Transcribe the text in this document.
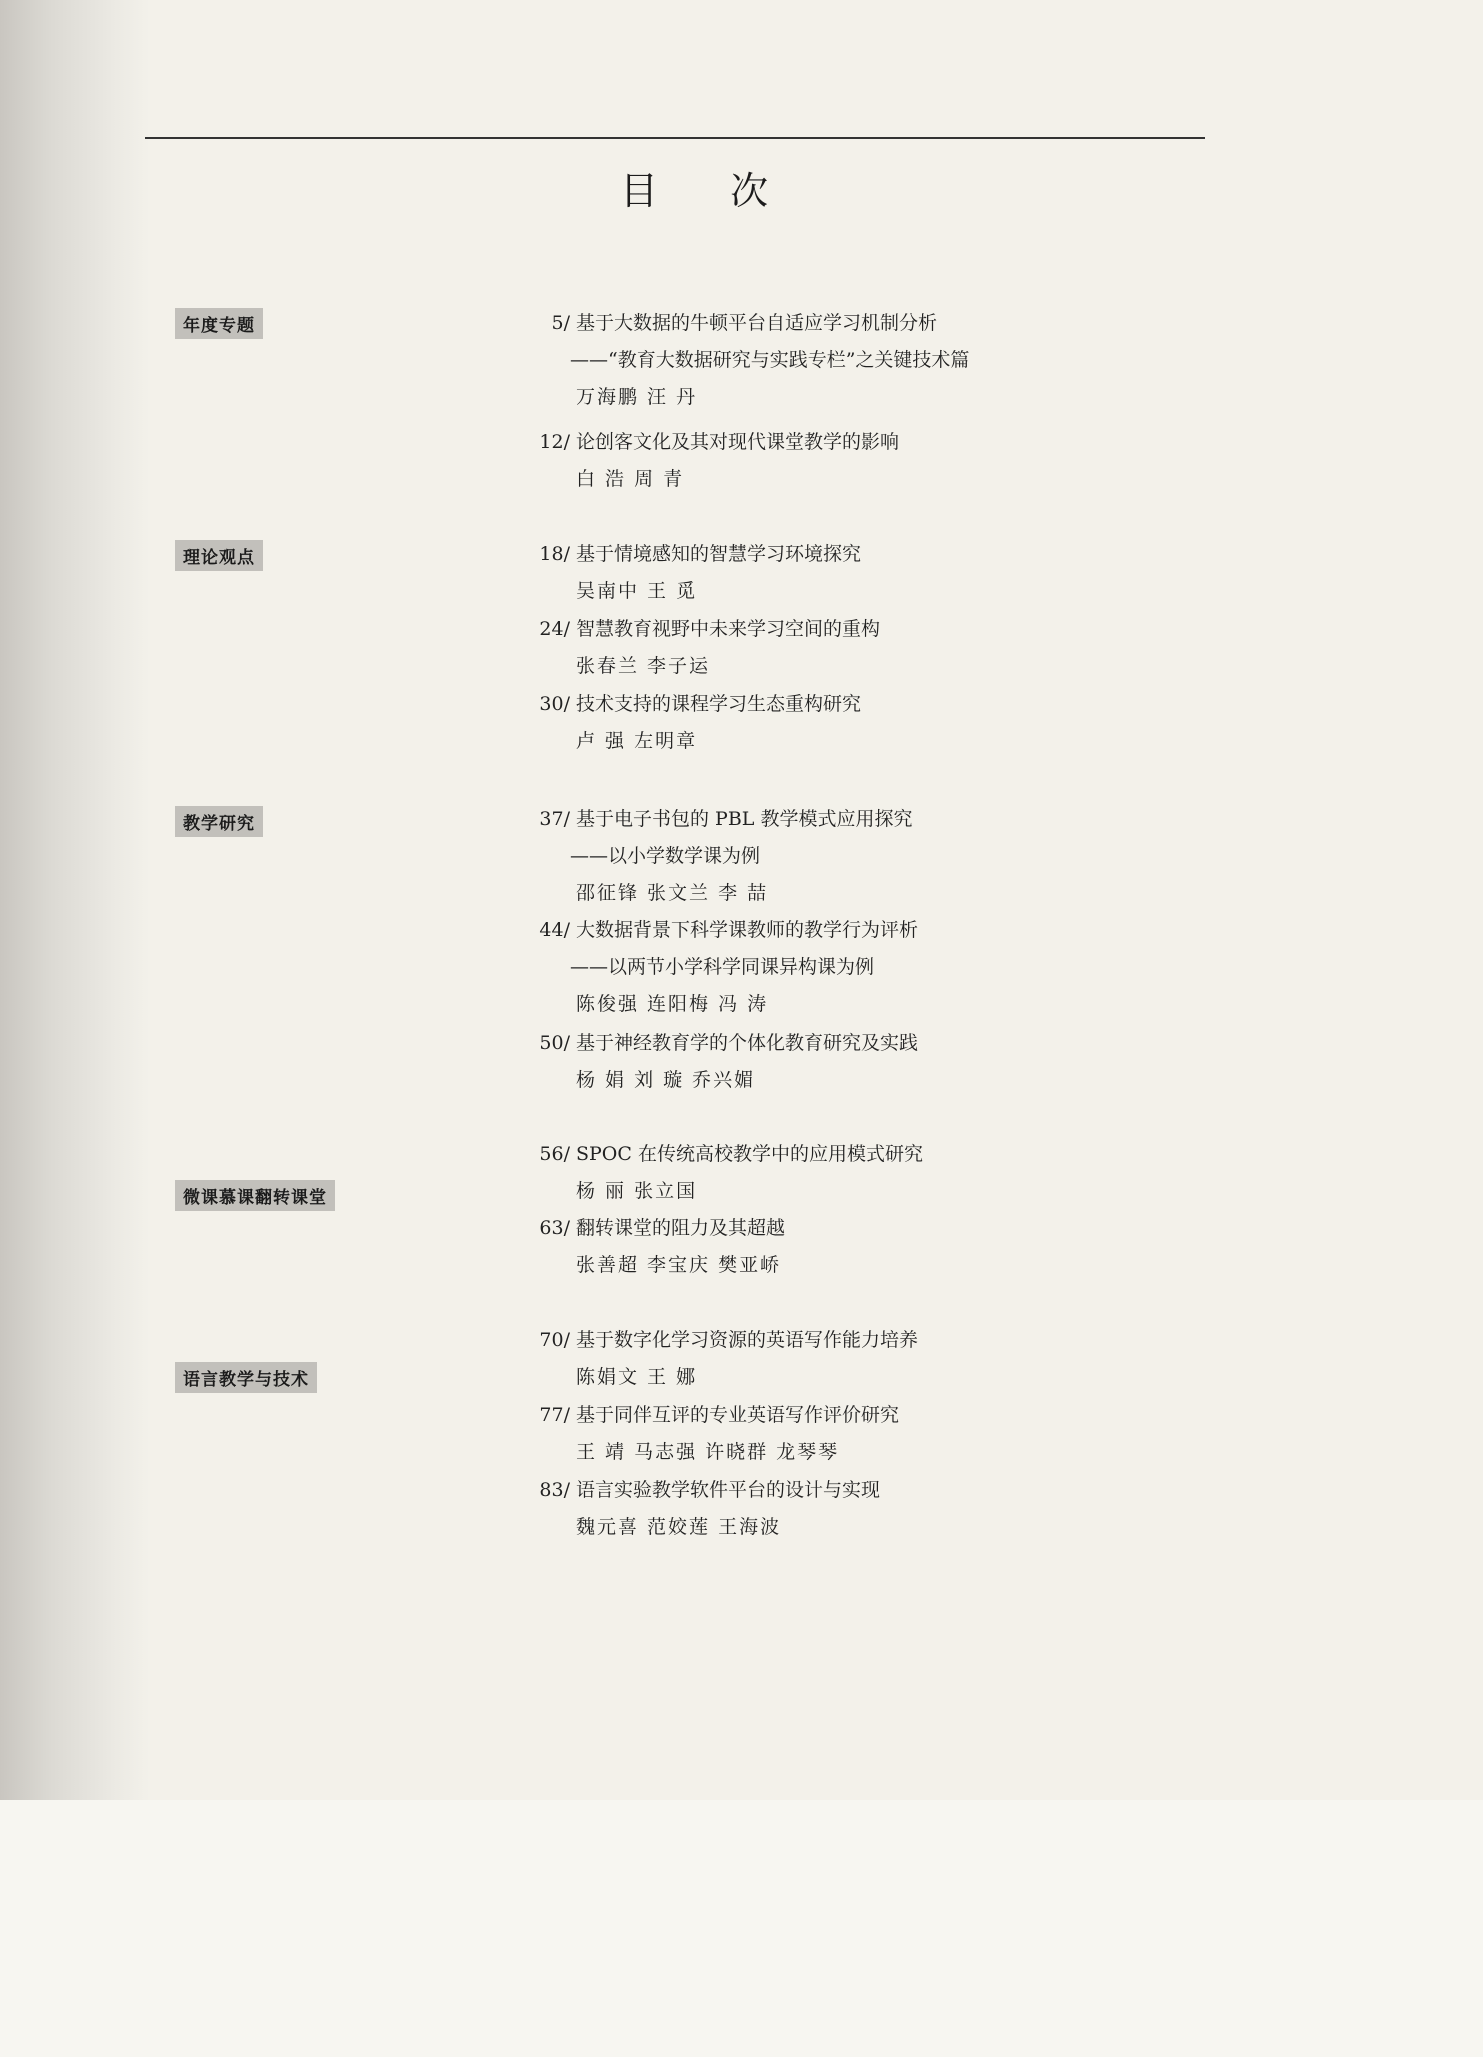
目 次
年度专题
理论观点
教学研究
微课慕课翻转课堂
语言教学与技术
5/ 基于大数据的牛顿平台自适应学习机制分析
——“教育大数据研究与实践专栏”之关键技术篇
万海鹏 汪 丹
12/ 论创客文化及其对现代课堂教学的影响
白 浩 周 青
18/ 基于情境感知的智慧学习环境探究
吴南中 王 觅
24/ 智慧教育视野中未来学习空间的重构
张春兰 李子运
30/ 技术支持的课程学习生态重构研究
卢 强 左明章
37/ 基于电子书包的 PBL 教学模式应用探究
——以小学数学课为例
邵征锋 张文兰 李 喆
44/ 大数据背景下科学课教师的教学行为评析
——以两节小学科学同课异构课为例
陈俊强 连阳梅 冯 涛
50/ 基于神经教育学的个体化教育研究及实践
杨 娟 刘 璇 乔兴媚
56/ SPOC 在传统高校教学中的应用模式研究
杨 丽 张立国
63/ 翻转课堂的阻力及其超越
张善超 李宝庆 樊亚峤
70/ 基于数字化学习资源的英语写作能力培养
陈娟文 王 娜
77/ 基于同伴互评的专业英语写作评价研究
王 靖 马志强 许晓群 龙琴琴
83/ 语言实验教学软件平台的设计与实现
魏元喜 范姣莲 王海波
